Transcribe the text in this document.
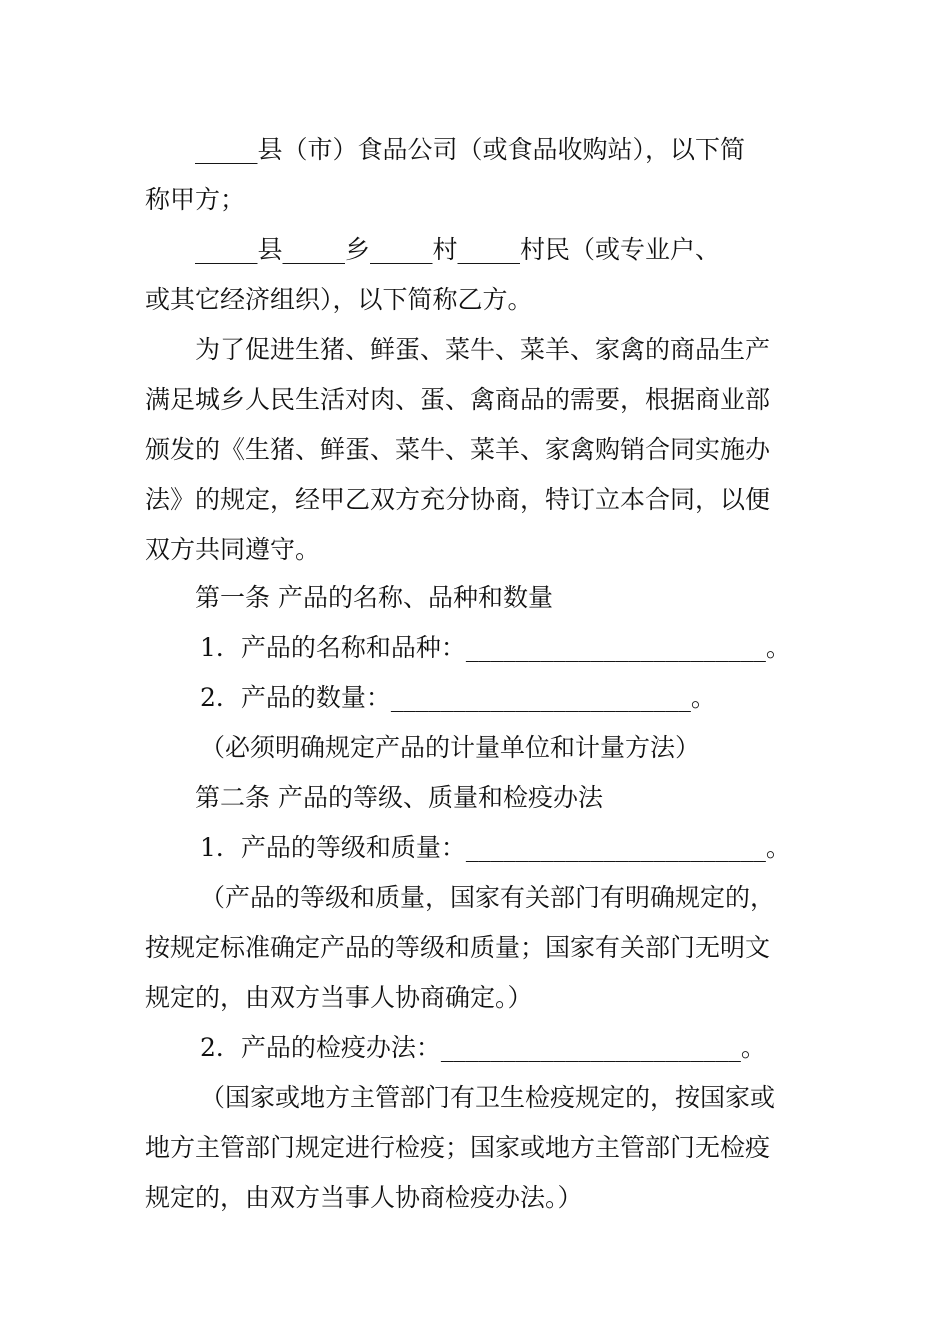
_____县（市）食品公司（或食品收购站），以下简
称甲方；
_____县_____乡_____村_____村民（或专业户、
或其它经济组织），以下简称乙方。
为了促进生猪、鲜蛋、菜牛、菜羊、家禽的商品生产
满足城乡人民生活对肉、蛋、禽商品的需要，根据商业部
颁发的《生猪、鲜蛋、菜牛、菜羊、家禽购销合同实施办
法》的规定，经甲乙双方充分协商，特订立本合同，以便
双方共同遵守。
第一条 产品的名称、品种和数量
1．产品的名称和品种：________________________。
2．产品的数量：________________________。
（必须明确规定产品的计量单位和计量方法）
第二条 产品的等级、质量和检疫办法
1．产品的等级和质量：________________________。
（产品的等级和质量，国家有关部门有明确规定的，
按规定标准确定产品的等级和质量；国家有关部门无明文
规定的，由双方当事人协商确定。）
2．产品的检疫办法：________________________。
（国家或地方主管部门有卫生检疫规定的，按国家或
地方主管部门规定进行检疫；国家或地方主管部门无检疫
规定的，由双方当事人协商检疫办法。）
